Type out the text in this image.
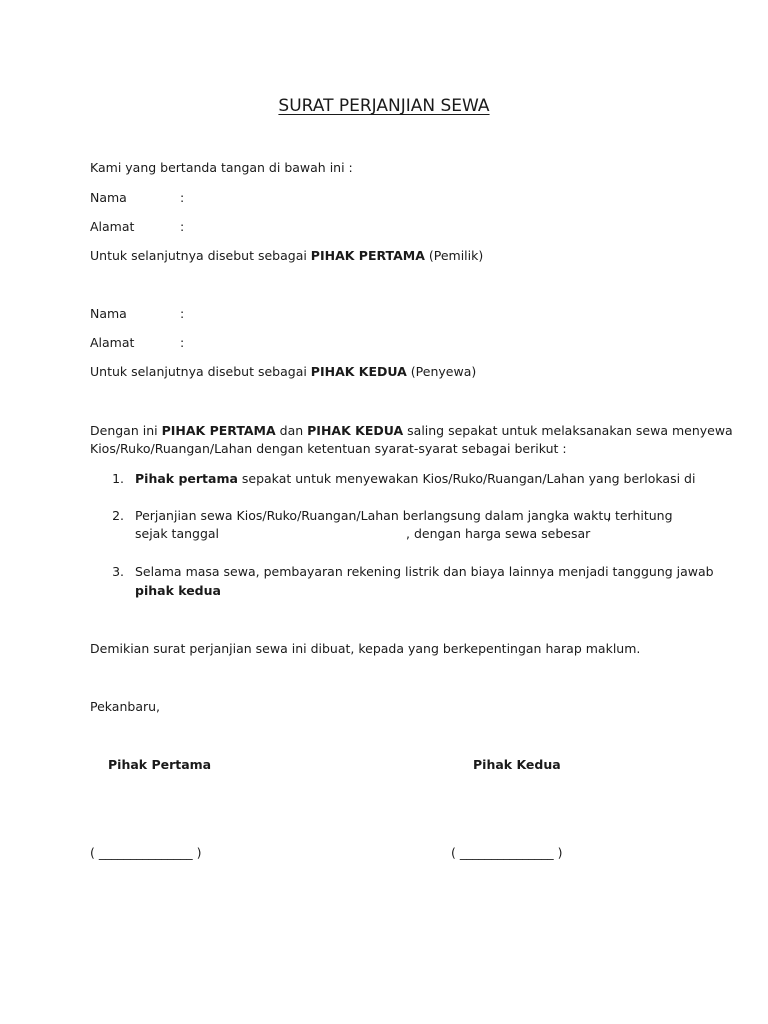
SURAT PERJANJIAN SEWA
Kami yang bertanda tangan di bawah ini :
Nama	:
Alamat	:
Untuk selanjutnya disebut sebagai PIHAK PERTAMA (Pemilik)
Nama	:
Alamat	:
Untuk selanjutnya disebut sebagai PIHAK KEDUA (Penyewa)
Dengan ini PIHAK PERTAMA dan PIHAK KEDUA saling sepakat untuk melaksanakan sewa menyewa
Kios/Ruko/Ruangan/Lahan dengan ketentuan syarat-syarat sebagai berikut :
1. Pihak pertama sepakat untuk menyewakan Kios/Ruko/Ruangan/Lahan yang berlokasi di
2. Perjanjian sewa Kios/Ruko/Ruangan/Lahan berlangsung dalam jangka waktu
, terhitung
sejak tanggal	, dengan harga sewa sebesar
3. Selama masa sewa, pembayaran rekening listrik dan biaya lainnya menjadi tanggung jawab
pihak kedua
Demikian surat perjanjian sewa ini dibuat, kepada yang berkepentingan harap maklum.
Pekanbaru,
Pihak Pertama	Pihak Kedua
( _______________ )	( _______________ )
